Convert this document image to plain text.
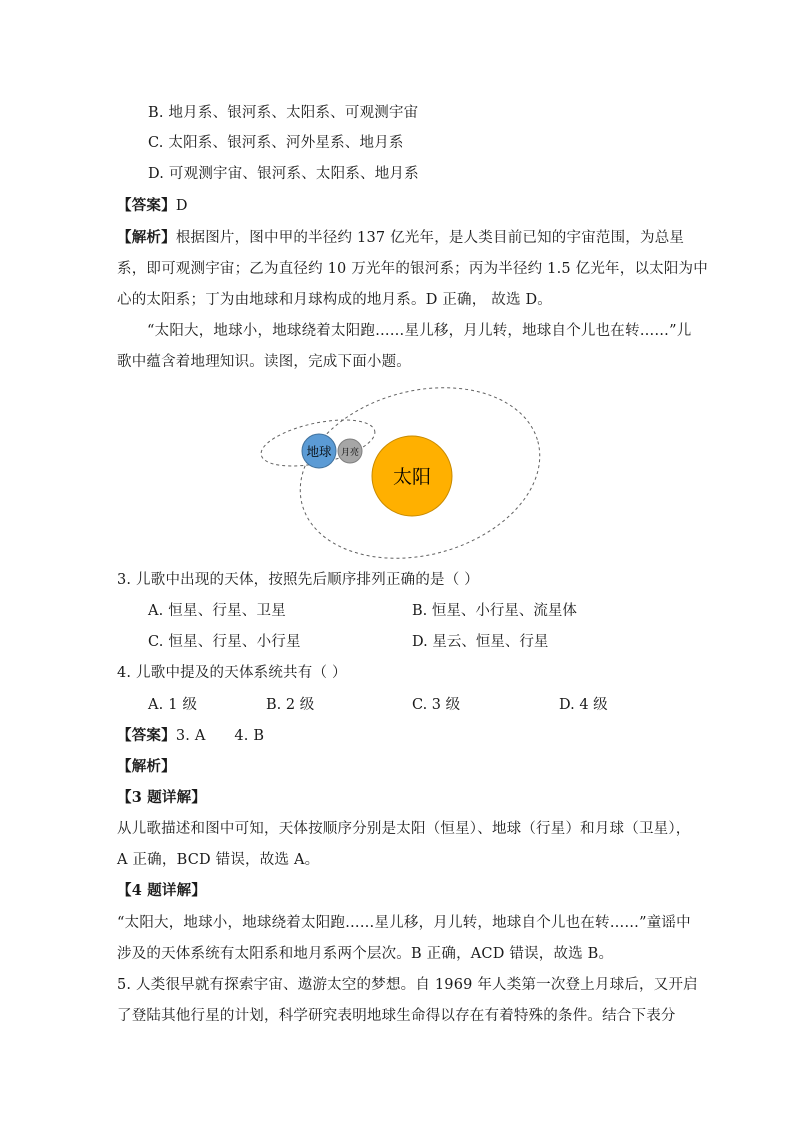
B. 地月系、银河系、太阳系、可观测宇宙
C. 太阳系、银河系、河外星系、地月系
D. 可观测宇宙、银河系、太阳系、地月系
【答案】D
【解析】根据图片，图中甲的半径约 137 亿光年，是人类目前已知的宇宙范围，为总星
系，即可观测宇宙；乙为直径约 10 万光年的银河系；丙为半径约 1.5 亿光年，以太阳为中
心的太阳系；丁为由地球和月球构成的地月系。D 正确， 故选 D。
“太阳大，地球小，地球绕着太阳跑……星儿移，月儿转，地球自个儿也在转……”儿
歌中蕴含着地理知识。读图，完成下面小题。
地球 月亮
太阳
3. 儿歌中出现的天体，按照先后顺序排列正确的是（ ）
A. 恒星、行星、卫星	B. 恒星、小行星、流星体
C. 恒星、行星、小行星	D. 星云、恒星、行星
4. 儿歌中提及的天体系统共有（ ）
A. 1 级	B. 2 级	C. 3 级	D. 4 级
【答案】3. A      4. B
【解析】
【3 题详解】
从儿歌描述和图中可知，天体按顺序分别是太阳（恒星）、地球（行星）和月球（卫星），
A 正确，BCD 错误，故选 A。
【4 题详解】
“太阳大，地球小，地球绕着太阳跑……星儿移，月儿转，地球自个儿也在转……”童谣中
涉及的天体系统有太阳系和地月系两个层次。B 正确，ACD 错误，故选 B。
5. 人类很早就有探索宇宙、遨游太空的梦想。自 1969 年人类第一次登上月球后，又开启
了登陆其他行星的计划，科学研究表明地球生命得以存在有着特殊的条件。结合下表分
